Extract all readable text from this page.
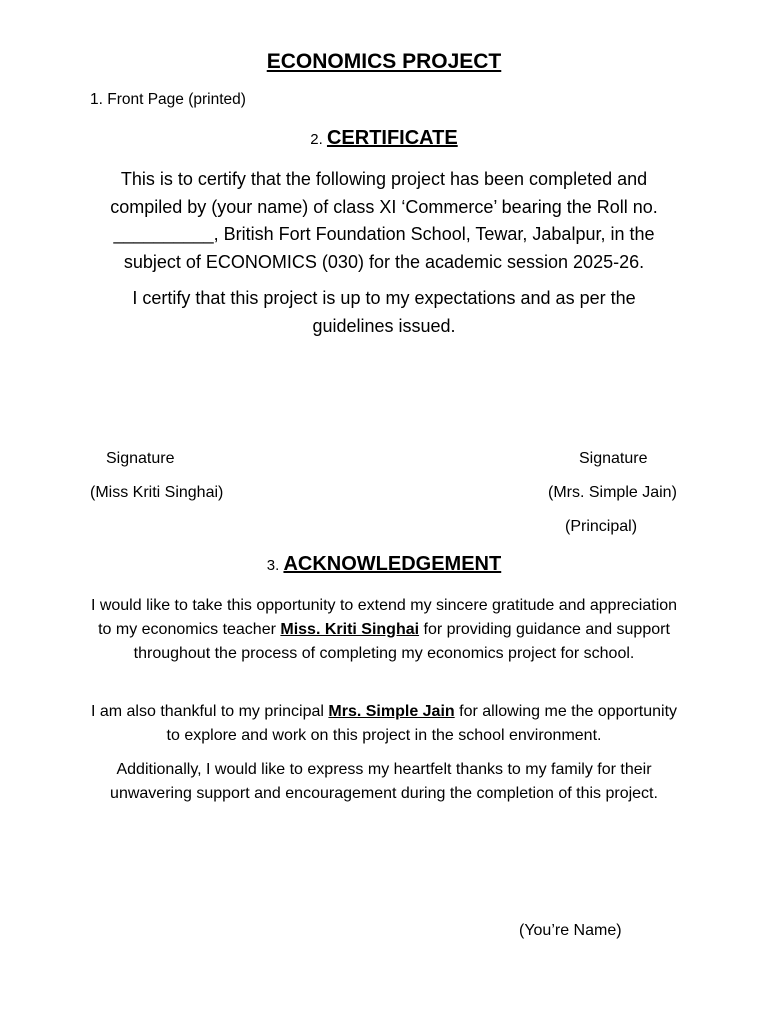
ECONOMICS PROJECT
1. Front Page (printed)
2. CERTIFICATE
This is to certify that the following project has been completed and compiled by (your name) of class XI ‘Commerce’ bearing the Roll no. __________, British Fort Foundation School, Tewar, Jabalpur, in the subject of ECONOMICS (030) for the academic session 2025-26.
I certify that this project is up to my expectations and as per the guidelines issued.
Signature
(Miss Kriti Singhai)
Signature
(Mrs. Simple Jain)
(Principal)
3. ACKNOWLEDGEMENT
I would like to take this opportunity to extend my sincere gratitude and appreciation to my economics teacher Miss. Kriti Singhai for providing guidance and support throughout the process of completing my economics project for school.
I am also thankful to my principal Mrs. Simple Jain for allowing me the opportunity to explore and work on this project in the school environment.
Additionally, I would like to express my heartfelt thanks to my family for their unwavering support and encouragement during the completion of this project.
(You’re Name)
